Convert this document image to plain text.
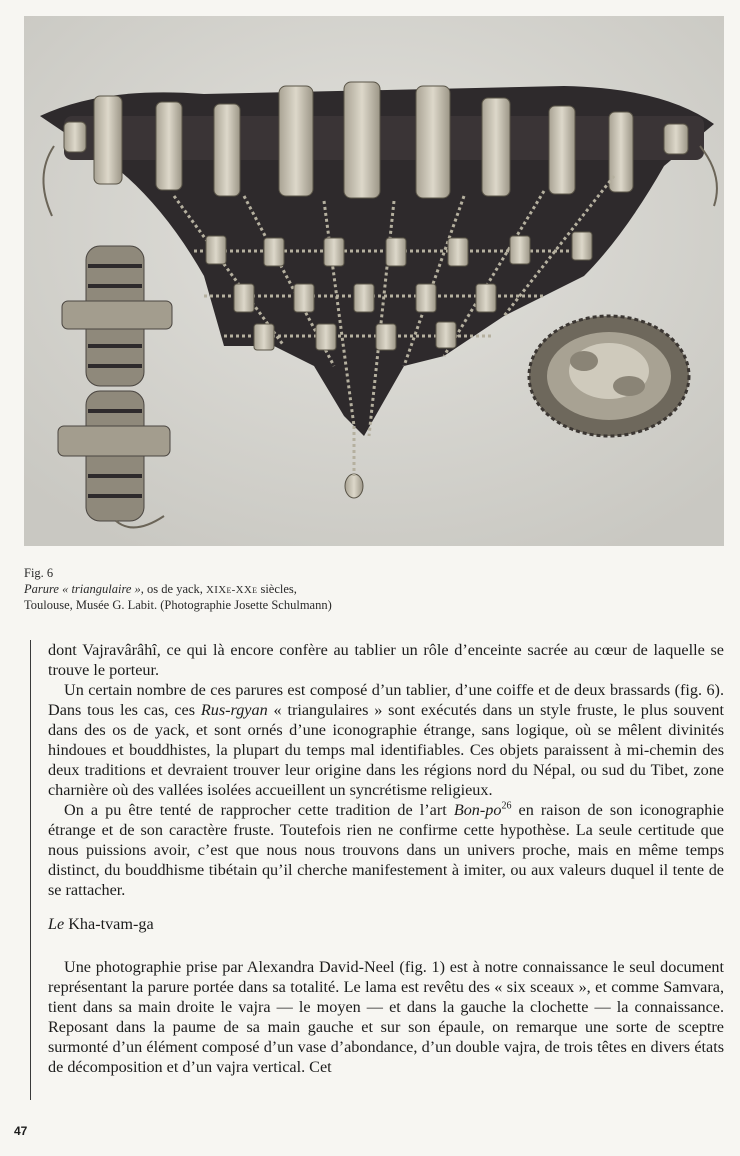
Fig. 6
Parure « triangulaire », os de yack, XIXe-XXe siècles,
Toulouse, Musée G. Labit. (Photographie Josette Schulmann)

dont Vajravârâhî, ce qui là encore confère au tablier un rôle d’enceinte sacrée au cœur de laquelle se trouve le porteur.

Un certain nombre de ces parures est composé d’un tablier, d’une coiffe et de deux brassards (fig. 6). Dans tous les cas, ces Rus-rgyan « triangulaires » sont exécutés dans un style fruste, le plus souvent dans des os de yack, et sont ornés d’une iconographie étrange, sans logique, où se mêlent divinités hindoues et bouddhistes, la plupart du temps mal identifiables. Ces objets paraissent à mi-chemin des deux traditions et devraient trouver leur origine dans les régions nord du Népal, ou sud du Tibet, zone charnière où des vallées isolées accueillent un syncrétisme religieux.

On a pu être tenté de rapprocher cette tradition de l’art Bon-$po^{26}$ en raison de son iconographie étrange et de son caractère fruste. Toutefois rien ne confirme cette hypothèse. La seule certitude que nous puissions avoir, c’est que nous nous trouvons dans un univers proche, mais en même temps distinct, du bouddhisme tibétain qu’il cherche manifestement à imiter, ou aux valeurs duquel il tente de se rattacher.

Le Kha-tvam-ga

Une photographie prise par Alexandra David-Neel (fig. 1) est à notre connaissance le seul document représentant la parure portée dans sa totalité. Le lama est revêtu des « six sceaux », et comme Samvara, tient dans sa main droite le vajra — le moyen — et dans la gauche la clochette — la connaissance. Reposant dans la paume de sa main gauche et sur son épaule, on remarque une sorte de sceptre surmonté d’un élément composé d’un vase d’abondance, d’un double vajra, de trois têtes en divers états de décomposition et d’un vajra vertical. Cet

47
